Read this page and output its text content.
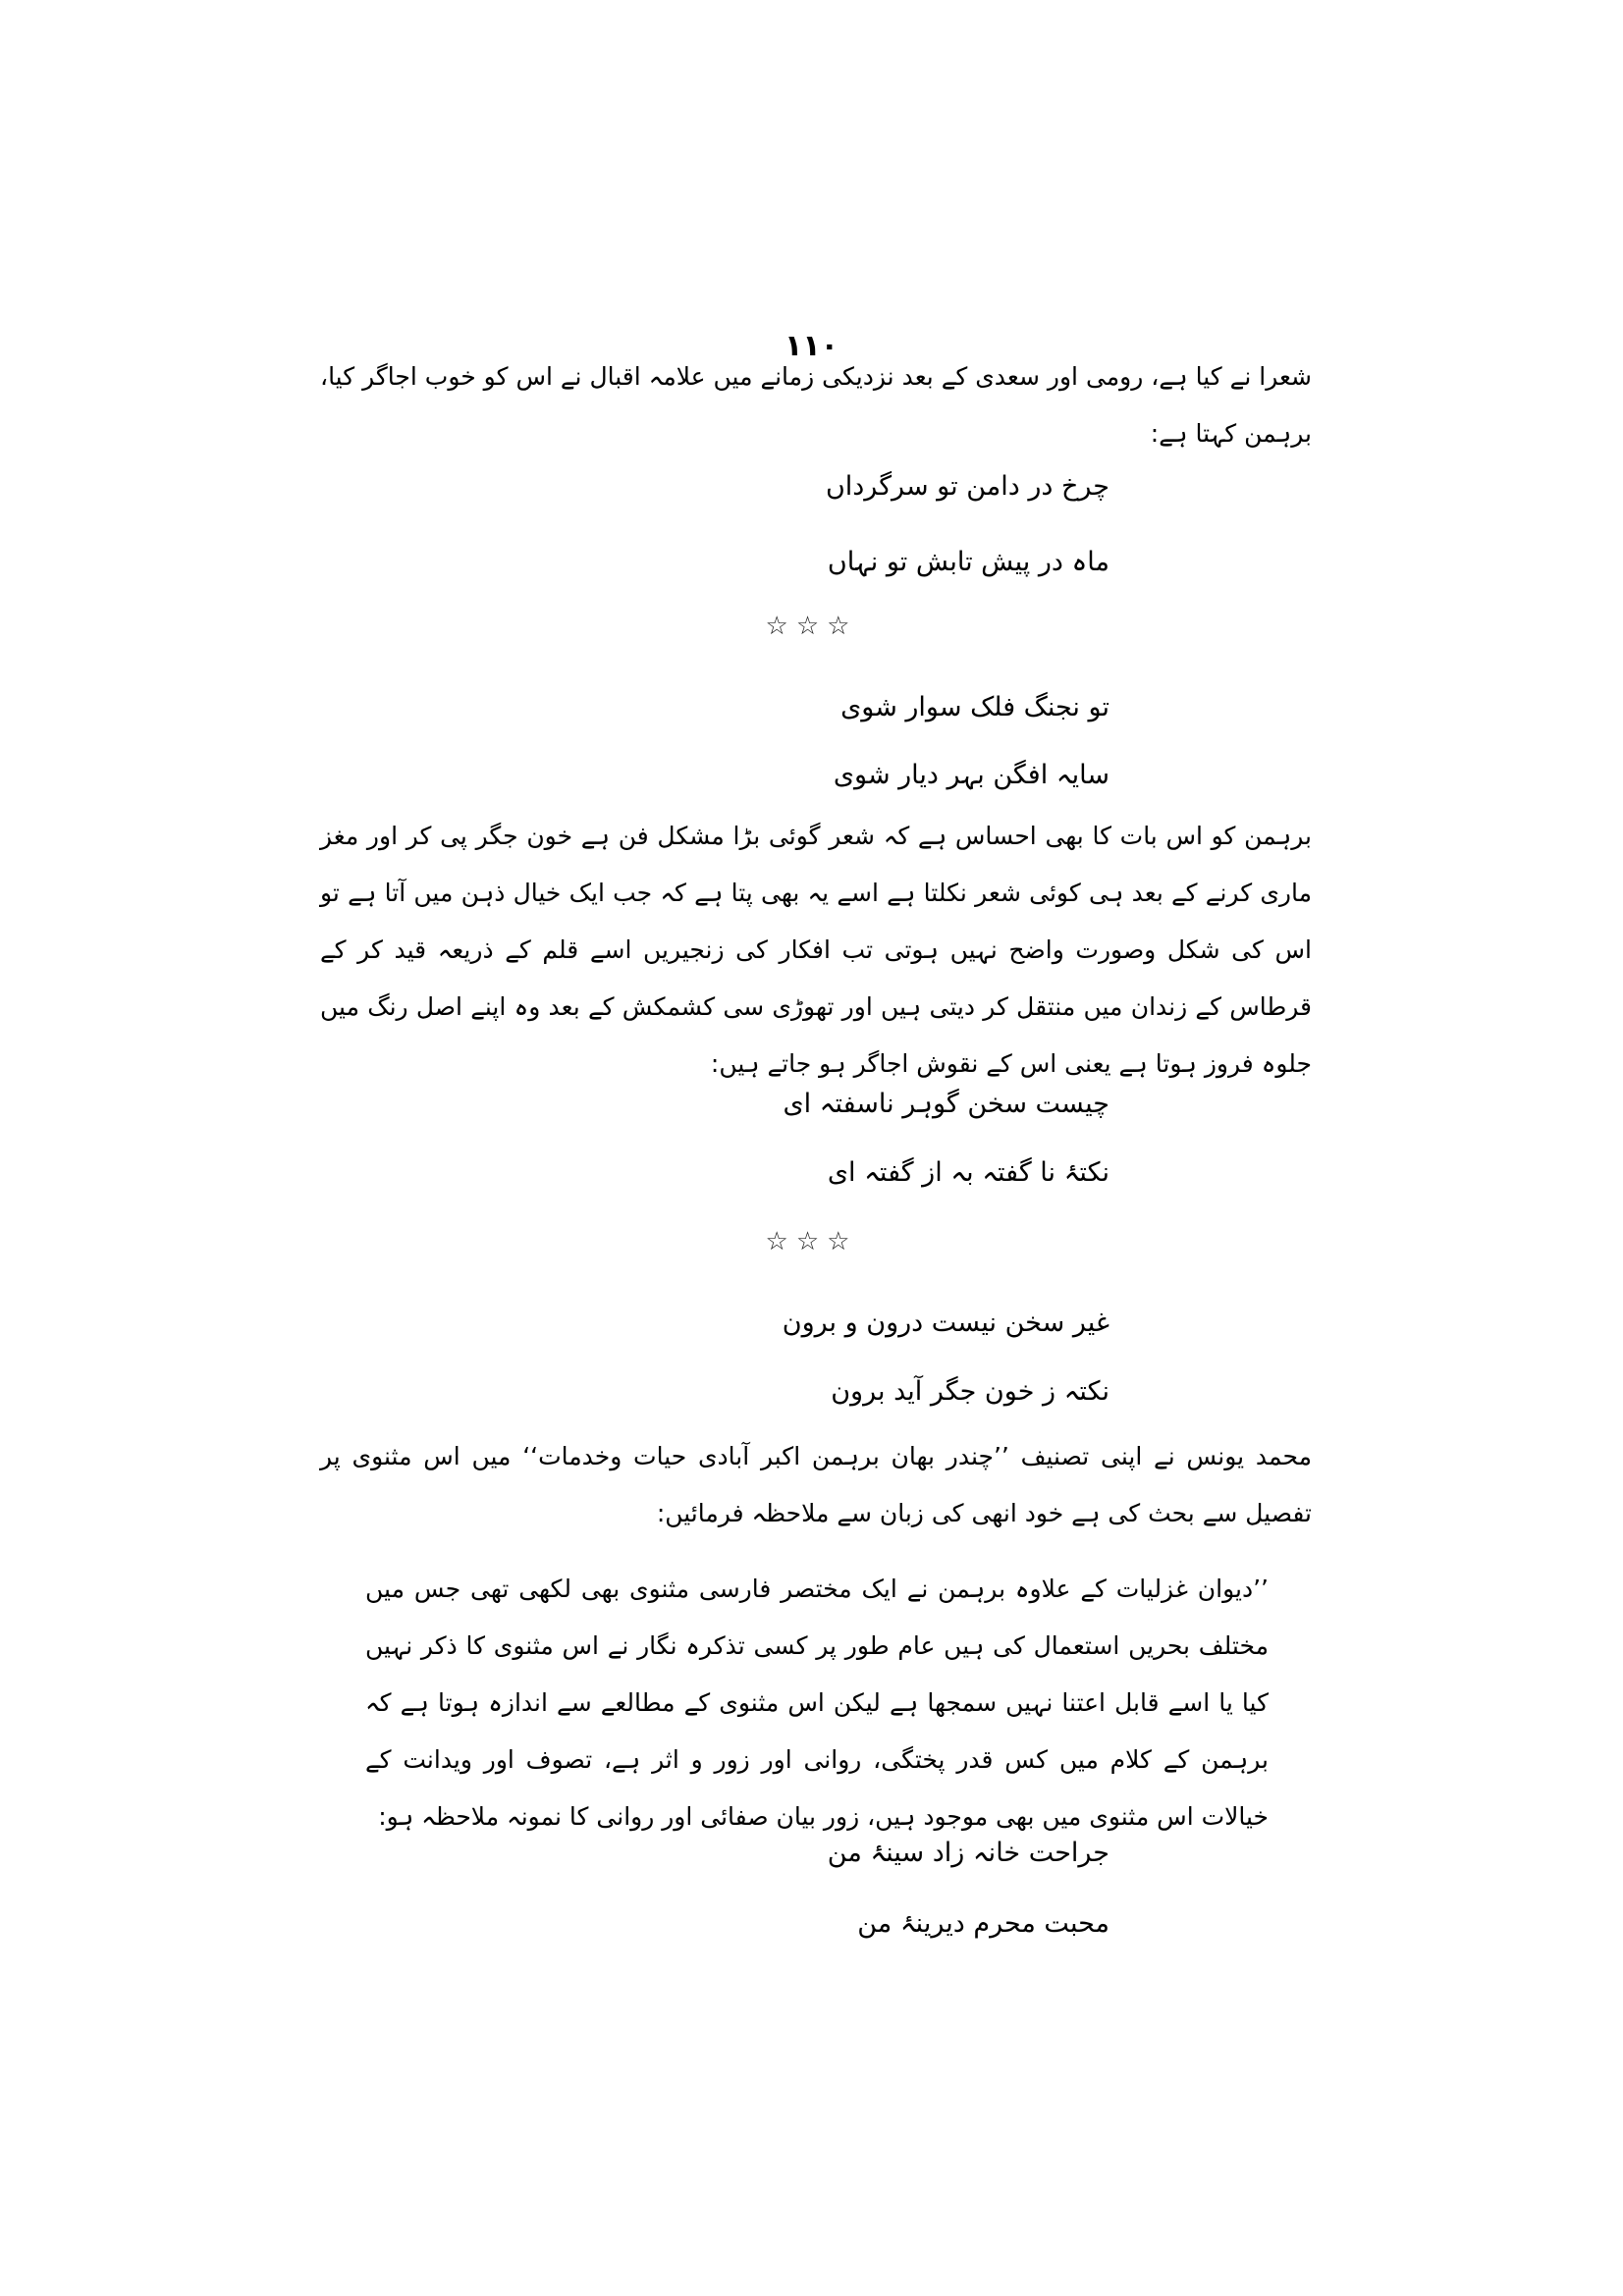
۱۱۰
شعرا نے کیا ہے، رومی اور سعدی کے بعد نزدیکی زمانے میں علامہ اقبال نے اس کو خوب اجاگر کیا، برہمن کہتا ہے:
چرخ در دامن تو سرگرداں
ماہ در پیش تابش تو نہاں
☆☆☆
تو نجنگ فلک سوار شوی
سایہ افگن بہر دیار شوی
برہمن کو اس بات کا بھی احساس ہے کہ شعر گوئی بڑا مشکل فن ہے خون جگر پی کر اور مغز ماری کرنے کے بعد ہی کوئی شعر نکلتا ہے اسے یہ بھی پتا ہے کہ جب ایک خیال ذہن میں آتا ہے تو اس کی شکل وصورت واضح نہیں ہوتی تب افکار کی زنجیریں اسے قلم کے ذریعہ قید کر کے قرطاس کے زندان میں منتقل کر دیتی ہیں اور تھوڑی سی کشمکش کے بعد وہ اپنے اصل رنگ میں جلوہ فروز ہوتا ہے یعنی اس کے نقوش اجاگر ہو جاتے ہیں:
چیست سخن گوہر ناسفتہ ای
نکتۂ نا گفتہ بہ از گفتہ ای
☆☆☆
غیر سخن نیست درون و برون
نکتہ ز خون جگر آید برون
محمد یونس نے اپنی تصنیف ’’چندر بھان برہمن اکبر آبادی حیات وخدمات‘‘ میں اس مثنوی پر تفصیل سے بحث کی ہے خود انھی کی زبان سے ملاحظہ فرمائیں:
’’دیوان غزلیات کے علاوہ برہمن نے ایک مختصر فارسی مثنوی بھی لکھی تھی جس میں مختلف بحریں استعمال کی ہیں عام طور پر کسی تذکرہ نگار نے اس مثنوی کا ذکر نہیں کیا یا اسے قابل اعتنا نہیں سمجھا ہے لیکن اس مثنوی کے مطالعے سے اندازہ ہوتا ہے کہ برہمن کے کلام میں کس قدر پختگی، روانی اور زور و اثر ہے، تصوف اور ویدانت کے خیالات اس مثنوی میں بھی موجود ہیں، زور بیان صفائی اور روانی کا نمونہ ملاحظہ ہو:
جراحت خانہ زاد سینۂ من
محبت محرم دیرینۂ من
